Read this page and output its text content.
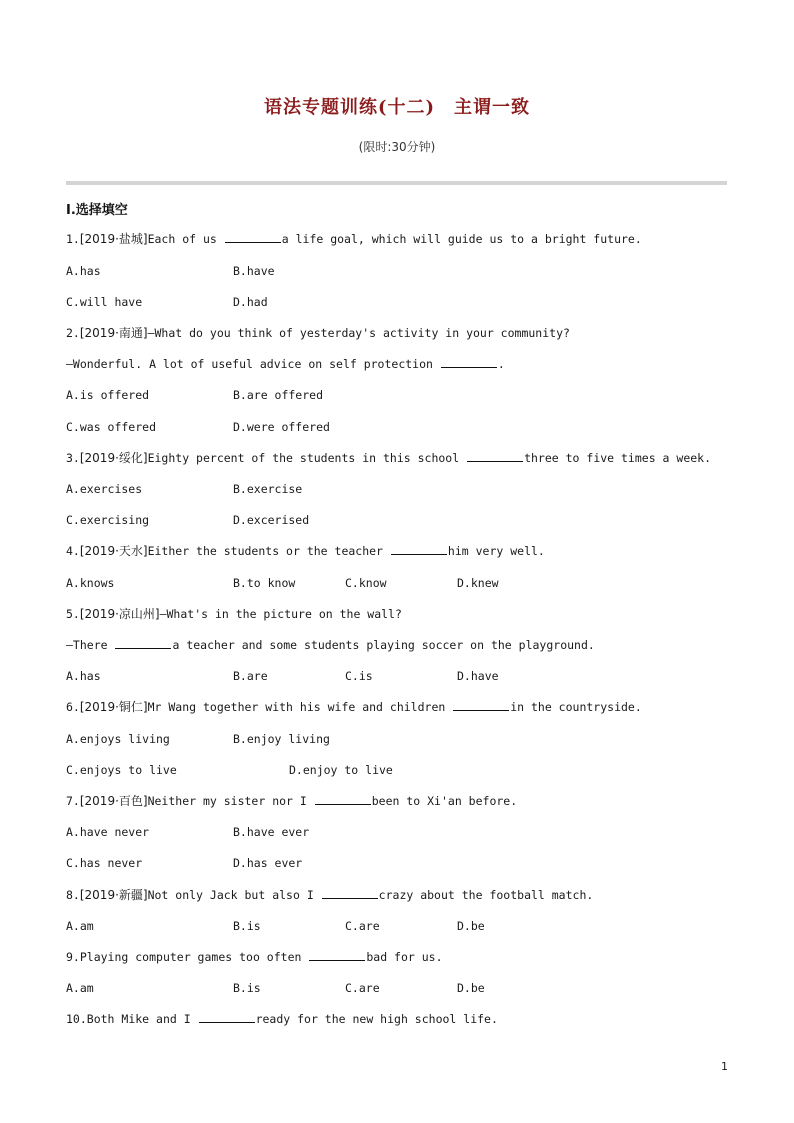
语法专题训练(十二)　主谓一致
(限时:30分钟)
Ⅰ.选择填空
1.[2019·盐城]Each of us	a life goal, which will guide us to a bright future.
A.has	B.have
C.will have	D.had
2.[2019·南通]—What do you think of yesterday's activity in your community?
—Wonderful. A lot of useful advice on self protection	.
A.is offered	B.are offered
C.was offered	D.were offered
3.[2019·绥化]Eighty percent of the students in this school	three to five times a week.
A.exercises	B.exercise
C.exercising	D.excerised
4.[2019·天水]Either the students or the teacher	him very well.
A.knows	B.to know	C.know	D.knew
5.[2019·凉山州]—What's in the picture on the wall?
—There	a teacher and some students playing soccer on the playground.
A.has	B.are	C.is	D.have
6.[2019·铜仁]Mr Wang together with his wife and children	in the countryside.
A.enjoys living	B.enjoy living
C.enjoys to live	D.enjoy to live
7.[2019·百色]Neither my sister nor I	been to Xi'an before.
A.have never	B.have ever
C.has never	D.has ever
8.[2019·新疆]Not only Jack but also I	crazy about the football match.
A.am	B.is	C.are	D.be
9.Playing computer games too often	bad for us.
A.am	B.is	C.are	D.be
10.Both Mike and I	ready for the new high school life.
1
